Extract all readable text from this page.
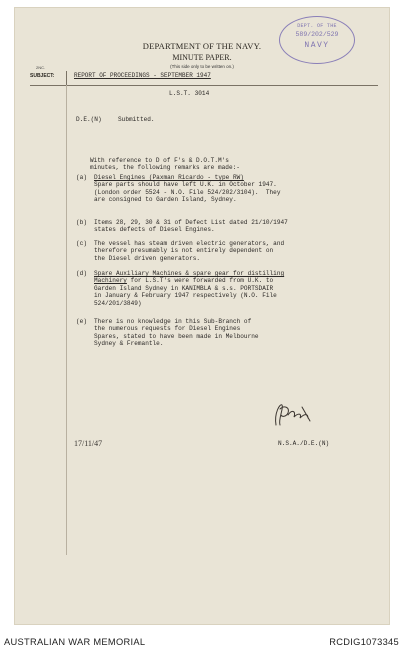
2NC.
DEPARTMENT OF THE NAVY.
MINUTE PAPER.
(This side only to be written on.)
DEPT. OF THE
589/202/529
NAVY
SUBJECT:	REPORT OF PROCEEDINGS - SEPTEMBER 1947
L.S.T. 3014
D.E.(N)	Submitted.
With reference to D of F's & D.O.T.M's
minutes, the following remarks are made:-
(a) Diesel Engines (Paxman Ricardo - type RW)
Spare parts should have left U.K. in October 1947.
(London order 5524 - N.O. File 524/202/3104).  They
are consigned to Garden Island, Sydney.
(b) Items 28, 29, 30 & 31 of Defect List dated 21/10/1947
states defects of Diesel Engines.
(c) The vessel has steam driven electric generators, and
therefore presumably is not entirely dependent on
the Diesel driven generators.
(d) Spare Auxiliary Machines & spare gear for distilling
Machinery for L.S.T's were forwarded from U.K. to
Garden Island Sydney in KANIMBLA & s.s. PORTSDAIR
in January & February 1947 respectively (N.O. File
524/201/3849)
(e) There is no knowledge in this Sub-Branch of
the numerous requests for Diesel Engines
Spares, stated to have been made in Melbourne
Sydney & Fremantle.
17/11/47	N.S.A./D.E.(N)
AUSTRALIAN WAR MEMORIAL	RCDIG1073345
